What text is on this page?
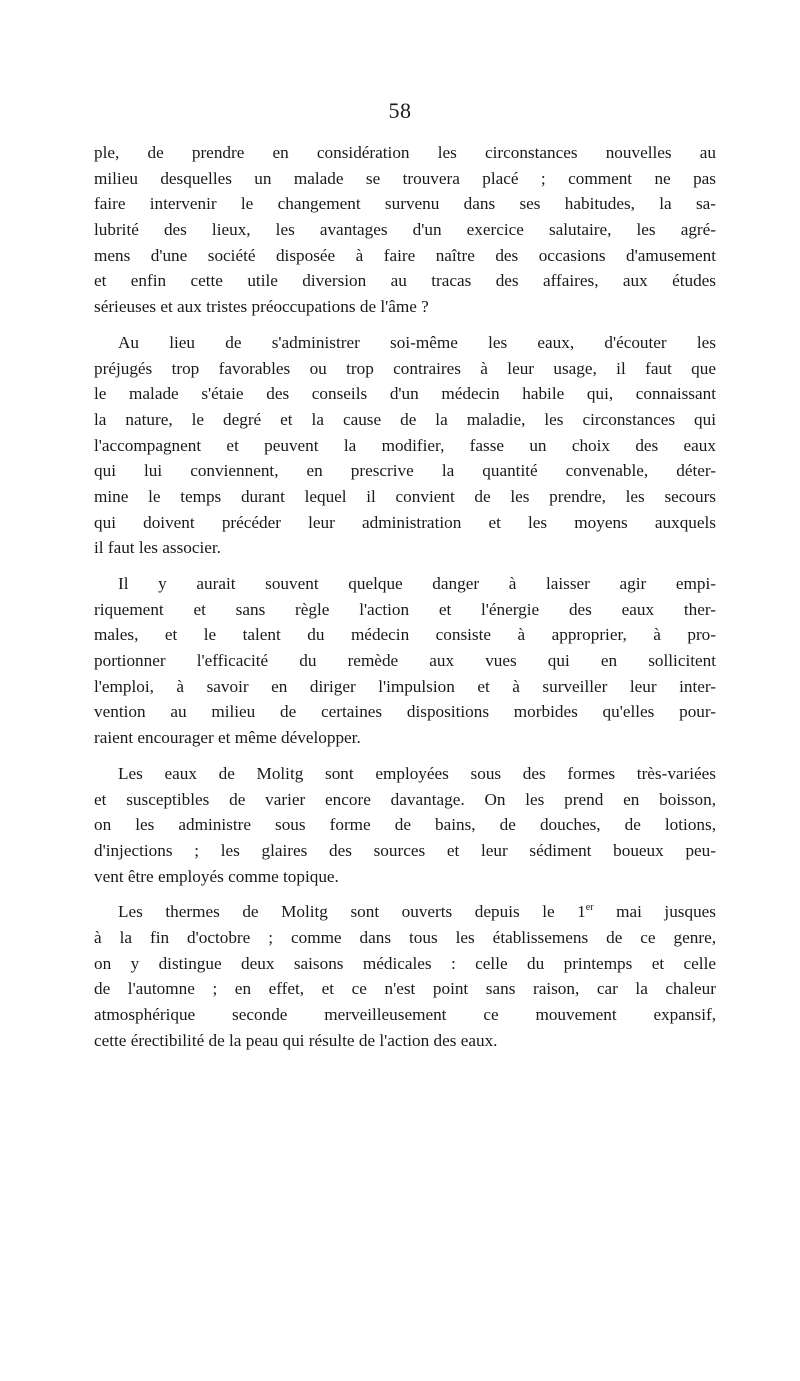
58
ple, de prendre en considération les circonstances nouvelles au
milieu desquelles un malade se trouvera placé ; comment ne pas
faire intervenir le changement survenu dans ses habitudes, la sa-
lubrité des lieux, les avantages d'un exercice salutaire, les agré-
mens d'une société disposée à faire naître des occasions d'amusement
et enfin cette utile diversion au tracas des affaires, aux études
sérieuses et aux tristes préoccupations de l'âme ?
Au lieu de s'administrer soi-même les eaux, d'écouter les
préjugés trop favorables ou trop contraires à leur usage, il faut que
le malade s'étaie des conseils d'un médecin habile qui, connaissant
la nature, le degré et la cause de la maladie, les circonstances qui
l'accompagnent et peuvent la modifier, fasse un choix des eaux
qui lui conviennent, en prescrive la quantité convenable, déter-
mine le temps durant lequel il convient de les prendre, les secours
qui doivent précéder leur administration et les moyens auxquels
il faut les associer.
Il y aurait souvent quelque danger à laisser agir empi-
riquement et sans règle l'action et l'énergie des eaux ther-
males, et le talent du médecin consiste à approprier, à pro-
portionner l'efficacité du remède aux vues qui en sollicitent
l'emploi, à savoir en diriger l'impulsion et à surveiller leur inter-
vention au milieu de certaines dispositions morbides qu'elles pour-
raient encourager et même développer.
Les eaux de Molitg sont employées sous des formes très-variées
et susceptibles de varier encore davantage. On les prend en boisson,
on les administre sous forme de bains, de douches, de lotions,
d'injections ; les glaires des sources et leur sédiment boueux peu-
vent être employés comme topique.
Les thermes de Molitg sont ouverts depuis le 1er mai jusques
à la fin d'octobre ; comme dans tous les établissemens de ce genre,
on y distingue deux saisons médicales : celle du printemps et celle
de l'automne ; en effet, et ce n'est point sans raison, car la chaleur
atmosphérique seconde merveilleusement ce mouvement expansif,
cette érectibilité de la peau qui résulte de l'action des eaux.
